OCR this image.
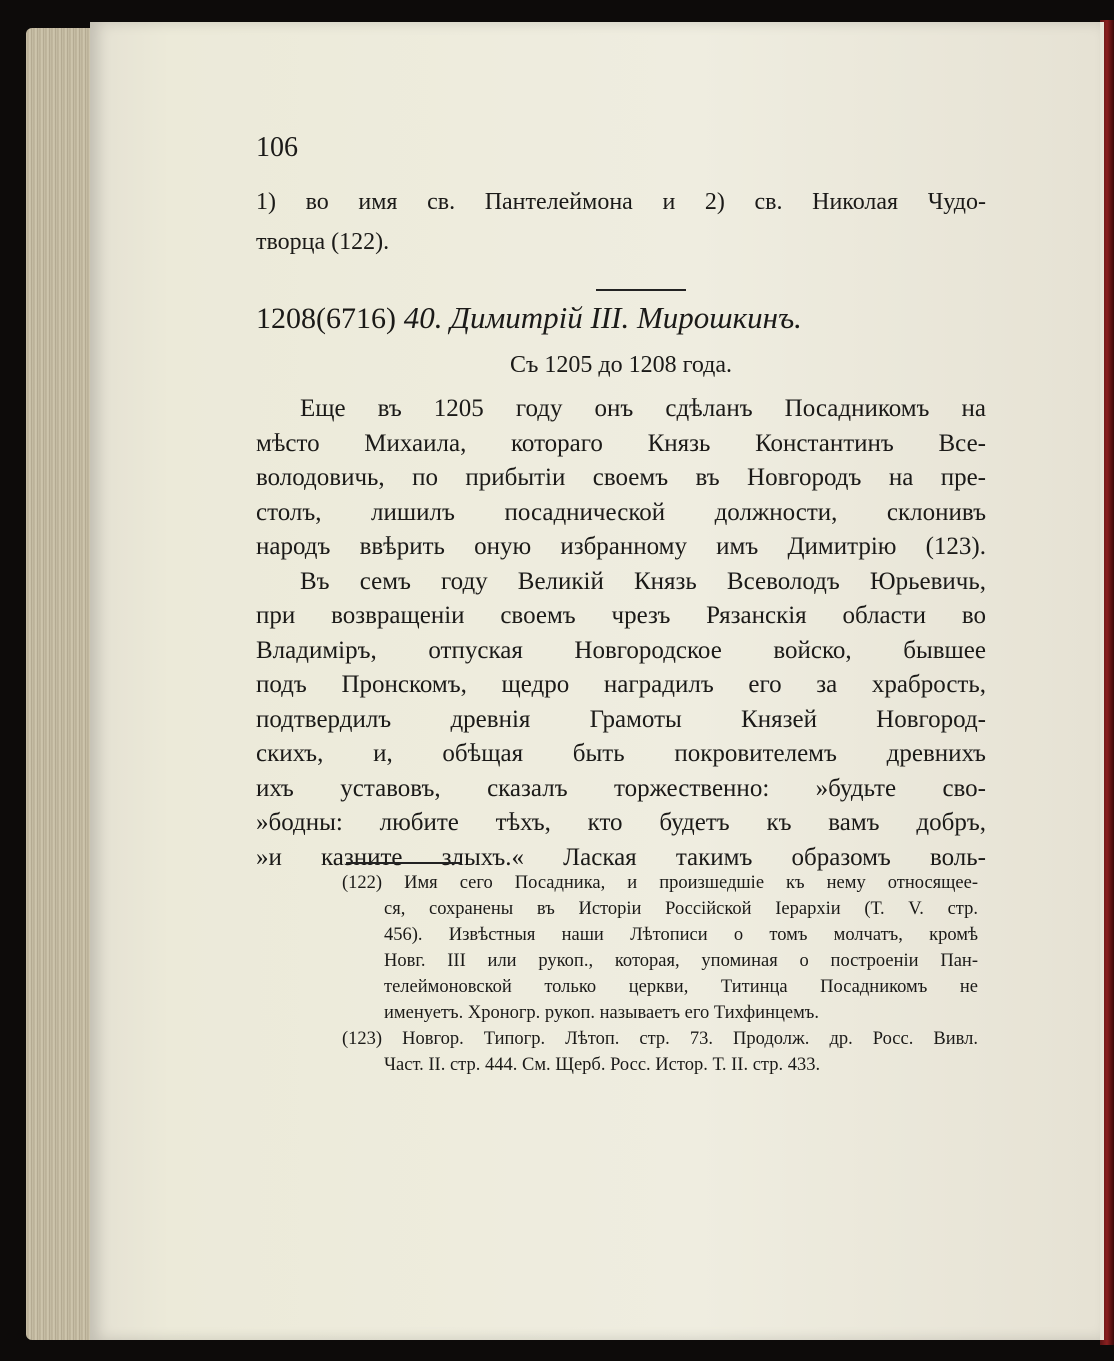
106
1) во имя св. Пантелеймона и 2) св. Николая Чудо-
творца (122).
1208(6716) 40. Димитрій III. Мирошкинъ.
Съ 1205 до 1208 года.
Еще въ 1205 году онъ сдѣланъ Посадникомъ на
мѣсто Михаила, котораго Князь Константинъ Все-
володовичь, по прибытіи своемъ въ Новгородъ на пре-
столъ, лишилъ посаднической должности, склонивъ
народъ ввѣрить оную избранному имъ Димитрію (123).
Въ семъ году Великій Князь Всеволодъ Юрьевичь,
при возвращеніи своемъ чрезъ Рязанскія области во
Владиміръ, отпуская Новгородское войско, бывшее
подъ Пронскомъ, щедро наградилъ его за храбрость,
подтвердилъ древнія Грамоты Князей Новгород-
скихъ, и, обѣщая быть покровителемъ древнихъ
ихъ уставовъ, сказалъ торжественно: »будьте сво-
»бодны: любите тѣхъ, кто будетъ къ вамъ добръ,
»и казните злыхъ.« Лаская такимъ образомъ воль-
(122) Имя сего Посадника, и произшедшіе къ нему относящее-
ся, сохранены въ Исторіи Россійской Іерархіи (Т. V. стр.
456). Извѣстныя наши Лѣтописи о томъ молчатъ, кромѣ
Новг. III или рукоп., которая, упоминая о построеніи Пан-
телеймоновской только церкви, Титинца Посадникомъ не
именуетъ. Хроногр. рукоп. называетъ его Тихфинцемъ.
(123) Новгор. Типогр. Лѣтоп. стр. 73. Продолж. др. Росс. Вивл.
Част. II. стр. 444. См. Щерб. Росс. Истор. Т. II. стр. 433.
